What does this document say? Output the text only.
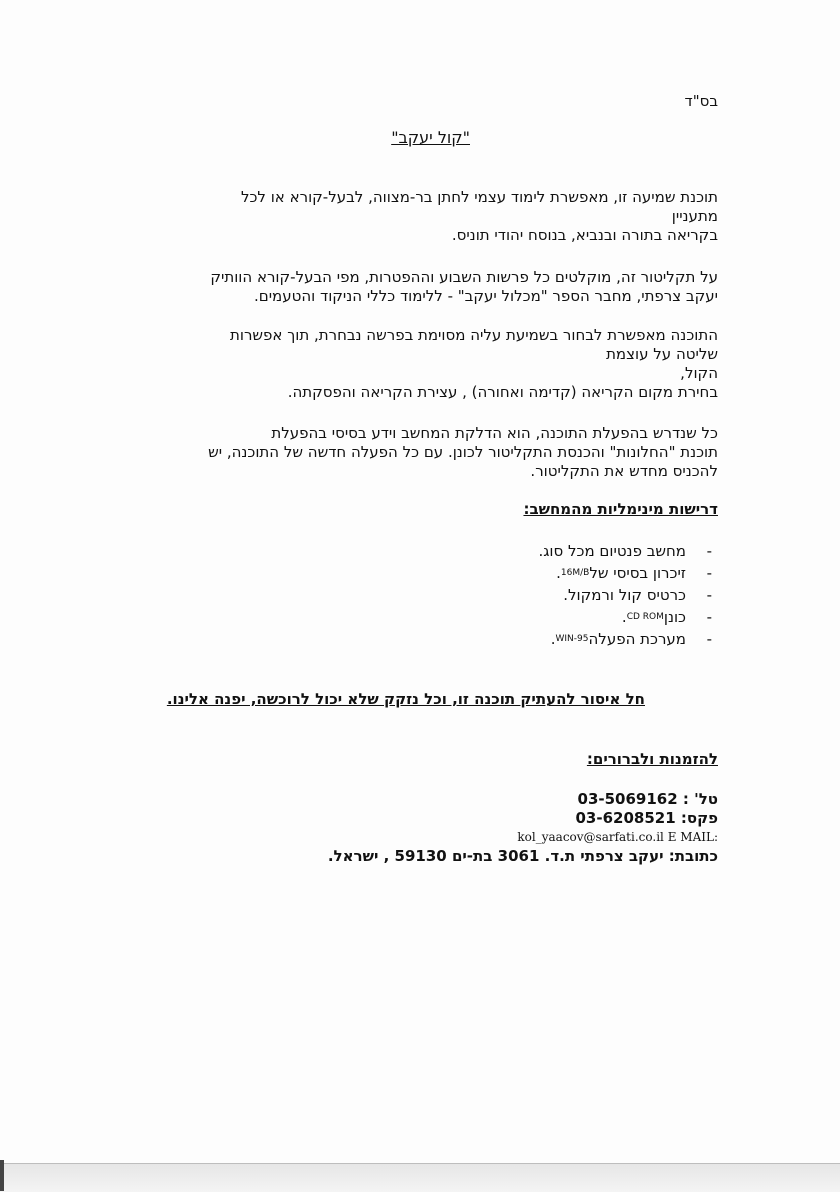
בס"ד
"קול יעקב"
תוכנת שמיעה זו, מאפשרת לימוד עצמי לחתן בר-מצווה, לבעל-קורא או לכל
מתעניין
בקריאה בתורה ובנביא, בנוסח יהודי תוניס.
על תקליטור זה, מוקלטים כל פרשות השבוע וההפטרות, מפי הבעל-קורא הוותיק
יעקב צרפתי, מחבר הספר "מכלול יעקב" - ללימוד כללי הניקוד והטעמים.
התוכנה מאפשרת לבחור בשמיעת עליה מסוימת בפרשה נבחרת, תוך אפשרות
שליטה על עוצמת
הקול,
בחירת מקום הקריאה (קדימה ואחורה) , עצירת הקריאה והפסקתה.
כל שנדרש בהפעלת התוכנה, הוא הדלקת המחשב וידע בסיסי בהפעלת
תוכנת "החלונות" והכנסת התקליטור לכונן. עם כל הפעלה חדשה של התוכנה, יש
להכניס מחדש את התקליטור.
דרישות מינימליות מהמחשב:
-
מחשב פנטיום מכל סוג.
-
זיכרון בסיסי של
16M/B
.
-
כרטיס קול ורמקול.
-
כונן
CD ROM
.
-
מערכת הפעלה
WIN-95
.
חל איסור להעתיק תוכנה זו, וכל נזקק שלא יכול לרוכשה, יפנה אלינו.
להזמנות ולברורים:
טל' : 03-5069162
פקס: 03-6208521
E MAIL: kol_yaacov@sarfati.co.il
כתובת: יעקב צרפתי ת.ד. 3061 בת-ים 59130 , ישראל.
